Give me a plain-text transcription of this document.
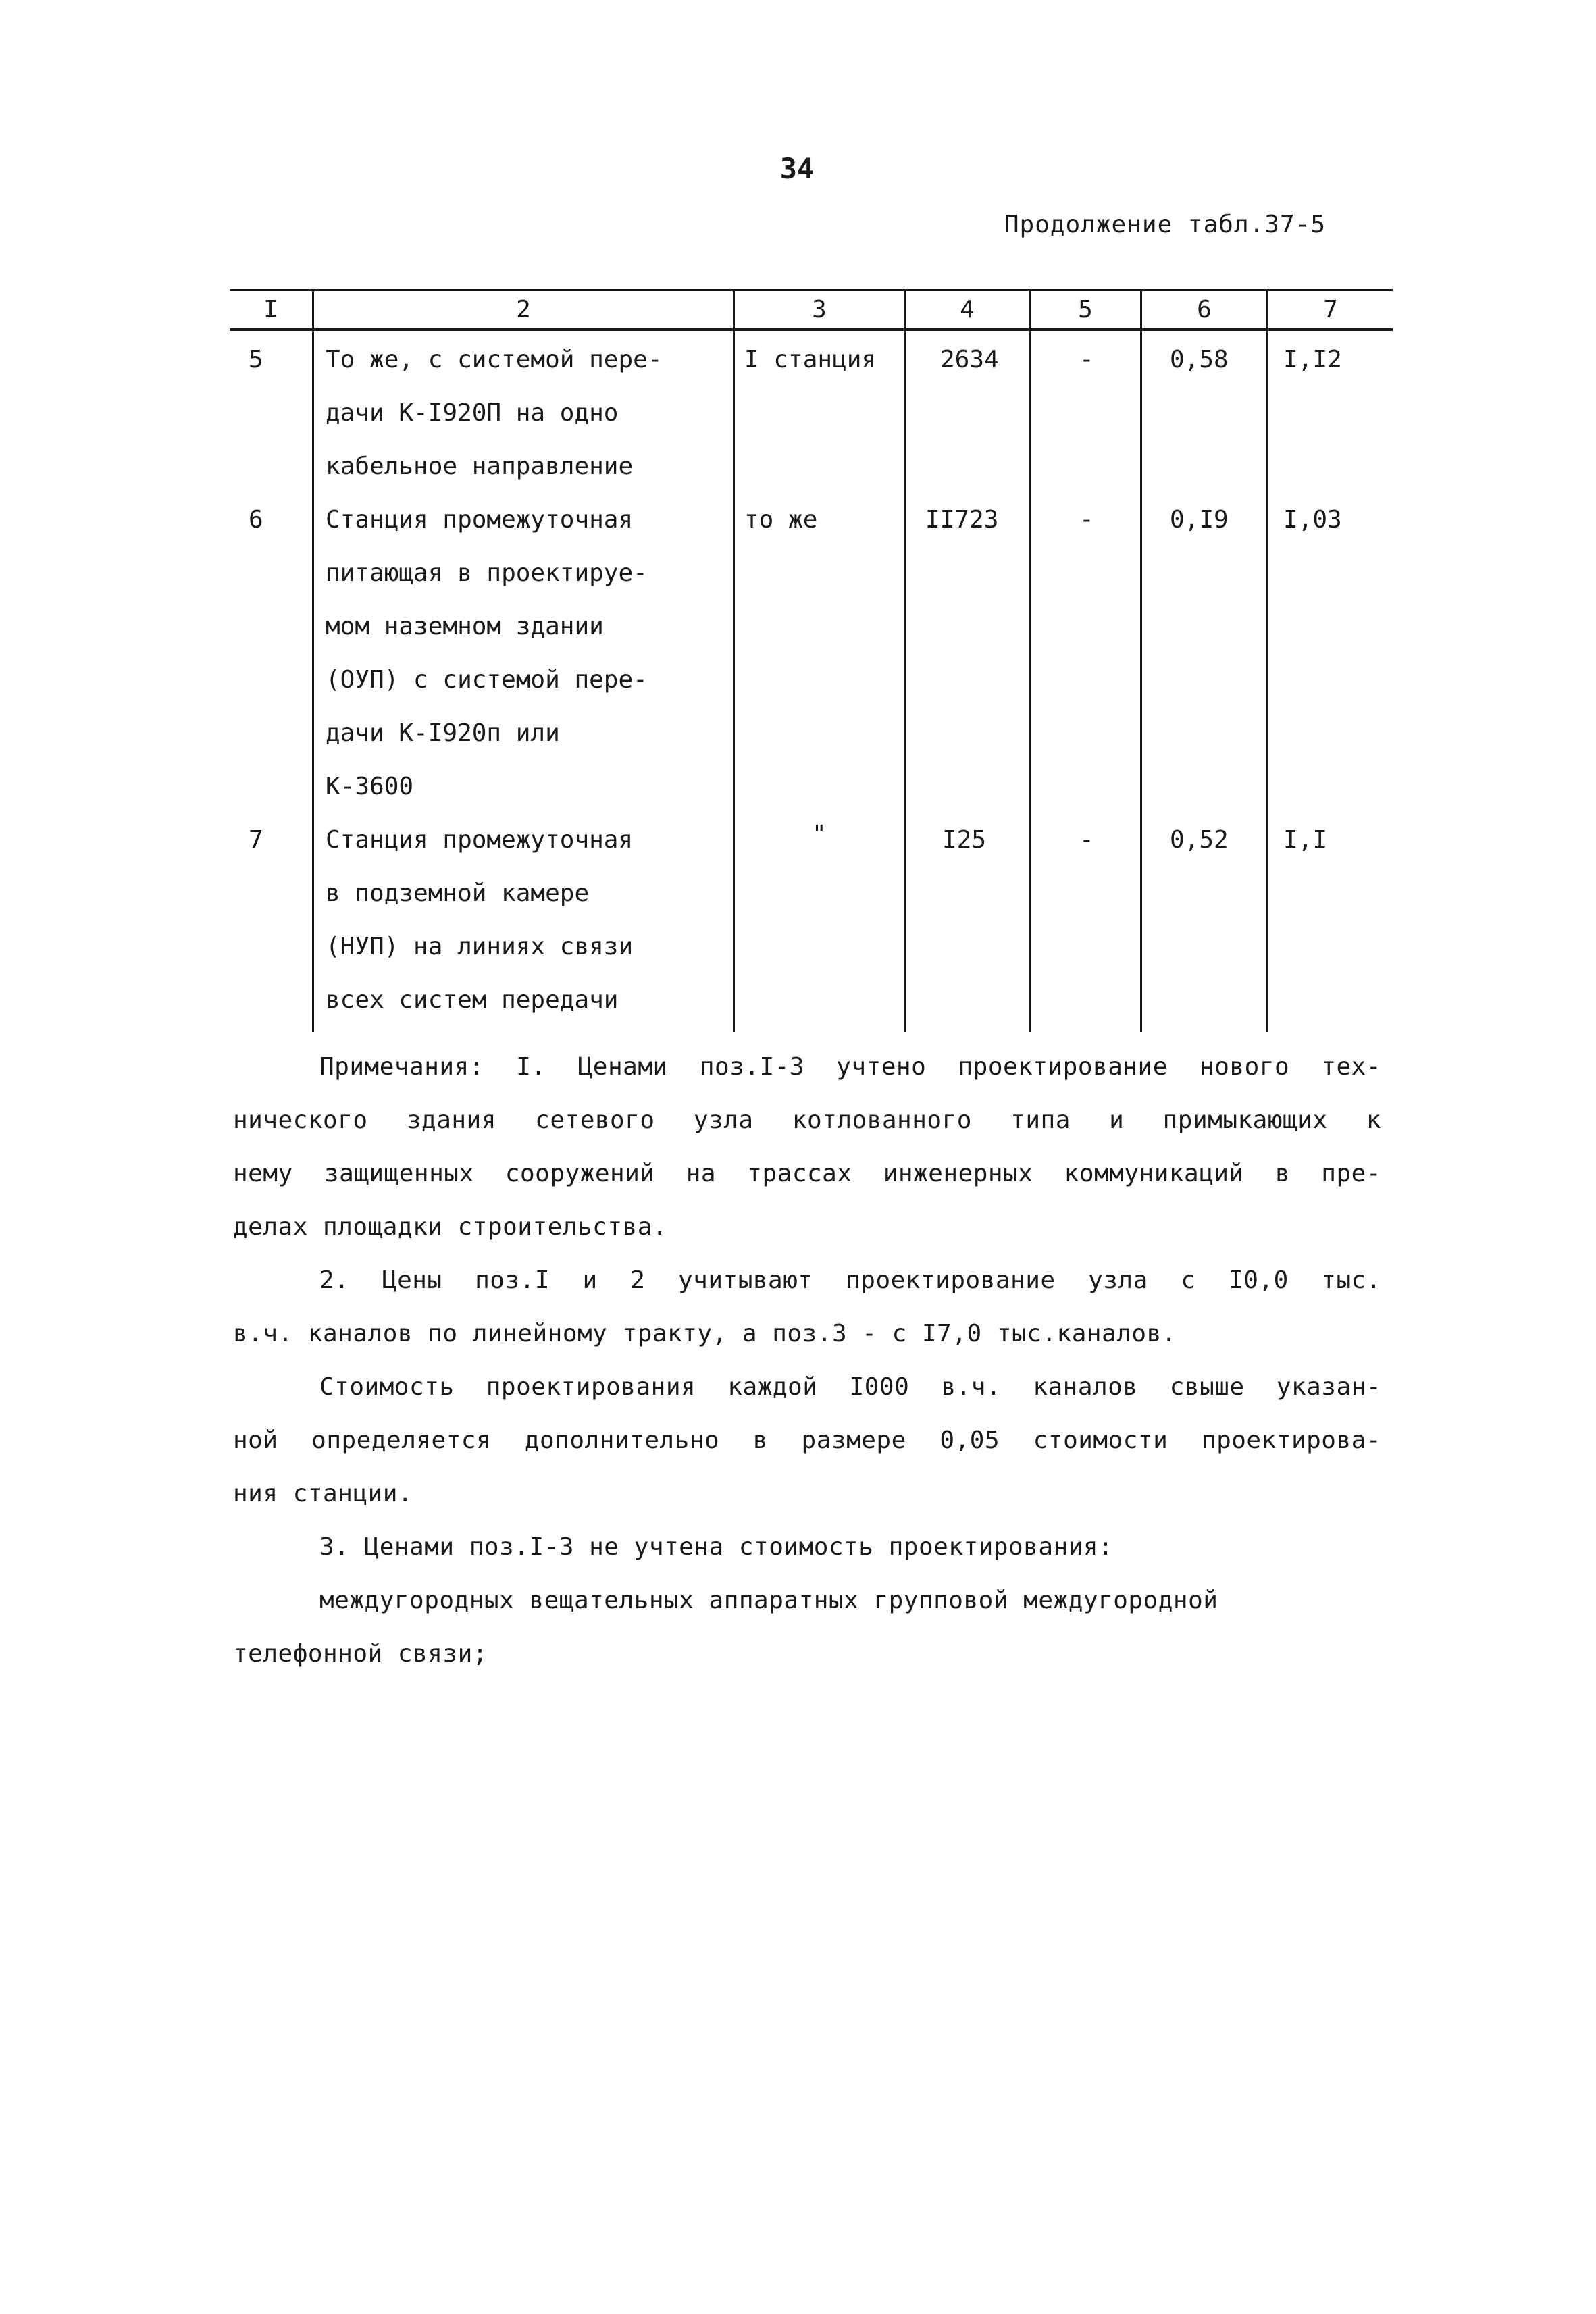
34
Продолжение табл.37-5
I	2	3	4	5	6	7
5	То же, с системой пере-
дачи К-I920П на одно
кабельное направление
I станция	2634	-	0,58 I,I2
6	Станция промежуточная
питающая в проектируе-
мом наземном здании
(ОУП) с системой пере-
дачи К-I920п или
К-3600
то же	II723	-	0,I9 I,03
7	Станция промежуточная
в подземной камере
(НУП) на линиях связи
всех систем передачи
"	I25	-	0,52 I,I

Примечания: I. Ценами поз.I-3 учтено проектирование нового тех-

нического здания сетевого узла котлованного типа и примыкающих к

нему защищенных сооружений на трассах инженерных коммуникаций в пре-

делах площадки строительства.

2. Цены поз.I и 2 учитывают проектирование узла с I0,0 тыс.

в.ч. каналов по линейному тракту, а поз.3 - с I7,0 тыс.каналов.

Стоимость проектирования каждой I000 в.ч. каналов свыше указан-

ной определяется дополнительно в размере 0,05 стоимости проектирова-

ния станции.

3. Ценами поз.I-3 не учтена стоимость проектирования:

междугородных вещательных аппаратных групповой междугородной

телефонной связи;
